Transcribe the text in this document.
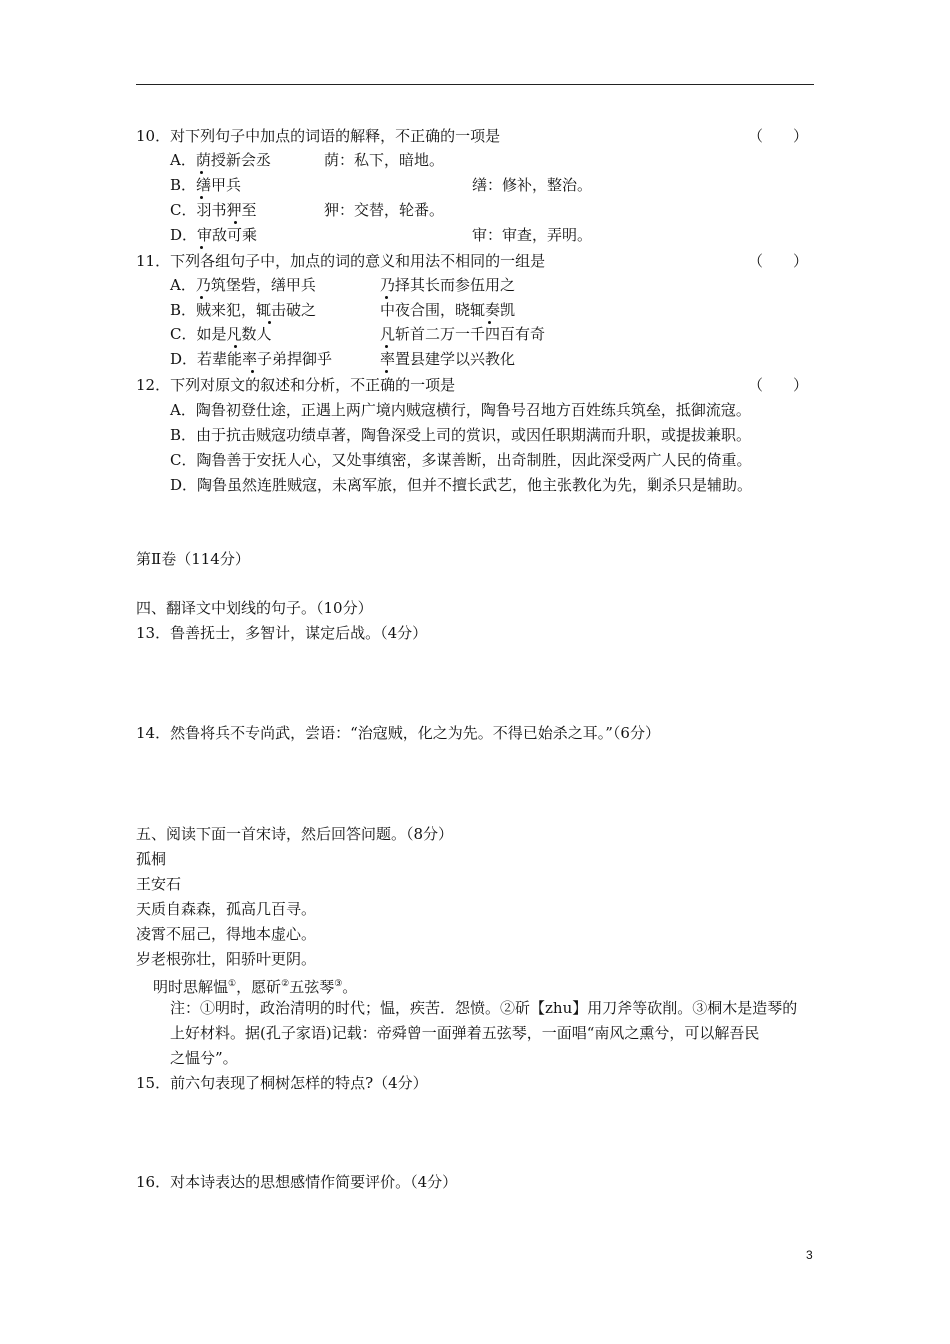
10．对下列句子中加点的词语的解释，不正确的一项是	（　　）
A．荫授新会丞	荫：私下，暗地。
B．缮甲兵	缮：修补，整治。
C．羽书狎至	狎：交替，轮番。
D．审敌可乘	审：审查，弄明。
11．下列各组句子中，加点的词的意义和用法不相同的一组是	（　　）
A．乃筑堡砦，缮甲兵	乃择其长而参伍用之
B．贼来犯，辄击破之	中夜合围，晓辄奏凯
C．如是凡数人	凡斩首二万一千四百有奇
D．若辈能率子弟捍御乎	率置县建学以兴教化
12．下列对原文的叙述和分析，不正确的一项是	（　　）
A．陶鲁初登仕途，正遇上两广境内贼寇横行，陶鲁号召地方百姓练兵筑垒，抵御流寇。
B．由于抗击贼寇功绩卓著，陶鲁深受上司的赏识，或因任职期满而升职，或提拔兼职。
C．陶鲁善于安抚人心，又处事缜密，多谋善断，出奇制胜，因此深受两广人民的倚重。
D．陶鲁虽然连胜贼寇，未离军旅，但并不擅长武艺，他主张教化为先，剿杀只是辅助。
第Ⅱ卷（114分）
四、翻译文中划线的句子。（10分）
13．鲁善抚士，多智计，谋定后战。（4分）
14．然鲁将兵不专尚武，尝语：“治寇贼，化之为先。不得已始杀之耳。”（6分）
五、阅读下面一首宋诗，然后回答问题。（8分）
孤桐
王安石
天质自森森，孤高几百寻。
凌霄不屈己，得地本虚心。
岁老根弥壮，阳骄叶更阴。
明时思解愠①，愿斫②五弦琴③。
注：①明时，政治清明的时代；愠，疾苦．怨愤。②斫【zhu】用刀斧等砍削。③桐木是造琴的
上好材料。据(孔子家语)记载：帝舜曾一面弹着五弦琴，一面唱“南风之熏兮，可以解吾民
之愠兮”。
15．前六句表现了桐树怎样的特点?（4分）
16．对本诗表达的思想感情作简要评价。（4分）
3
